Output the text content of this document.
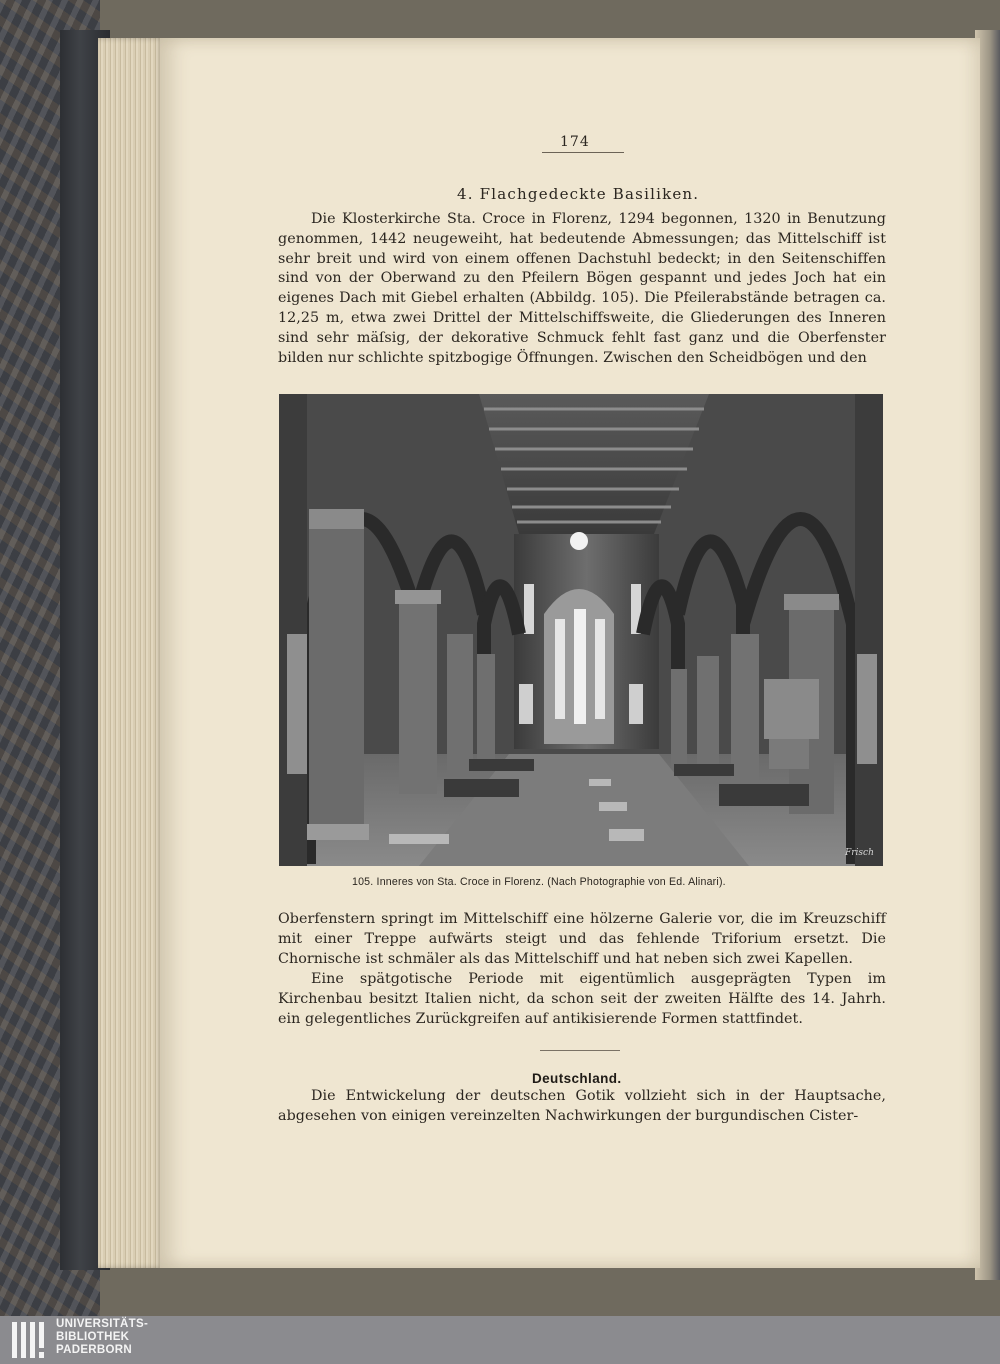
174
4. Flachgedeckte Basiliken.

Die Klosterkirche Sta. Croce in Florenz, 1294 begonnen, 1320 in Benutzung genommen, 1442 neugeweiht, hat bedeutende Abmessungen; das Mittelschiff ist sehr breit und wird von einem offenen Dachstuhl bedeckt; in den Seitenschiffen sind von der Oberwand zu den Pfeilern Bögen gespannt und jedes Joch hat ein eigenes Dach mit Giebel erhalten (Abbildg. 105). Die Pfeilerabstände betragen ca. 12,25 m, etwa zwei Drittel der Mittelschiffsweite, die Gliederungen des Inneren sind sehr mäſsig, der dekorative Schmuck fehlt fast ganz und die Oberfenster bilden nur schlichte spitzbogige Öffnungen. Zwischen den Scheidbögen und den

Frisch
105. Inneres von Sta. Croce in Florenz. (Nach Photographie von Ed. Alinari).

Oberfenstern springt im Mittelschiff eine hölzerne Galerie vor, die im Kreuzschiff mit einer Treppe aufwärts steigt und das fehlende Triforium ersetzt. Die Chornische ist schmäler als das Mittelschiff und hat neben sich zwei Kapellen.

Eine spätgotische Periode mit eigentümlich ausgeprägten Typen im Kirchenbau besitzt Italien nicht, da schon seit der zweiten Hälfte des 14. Jahrh. ein gelegentliches Zurückgreifen auf antikisierende Formen stattfindet.

Deutschland.

Die Entwickelung der deutschen Gotik vollzieht sich in der Hauptsache, abgesehen von einigen vereinzelten Nachwirkungen der burgundischen Cister-

UNIVERSITÄTS-
BIBLIOTHEK
PADERBORN
